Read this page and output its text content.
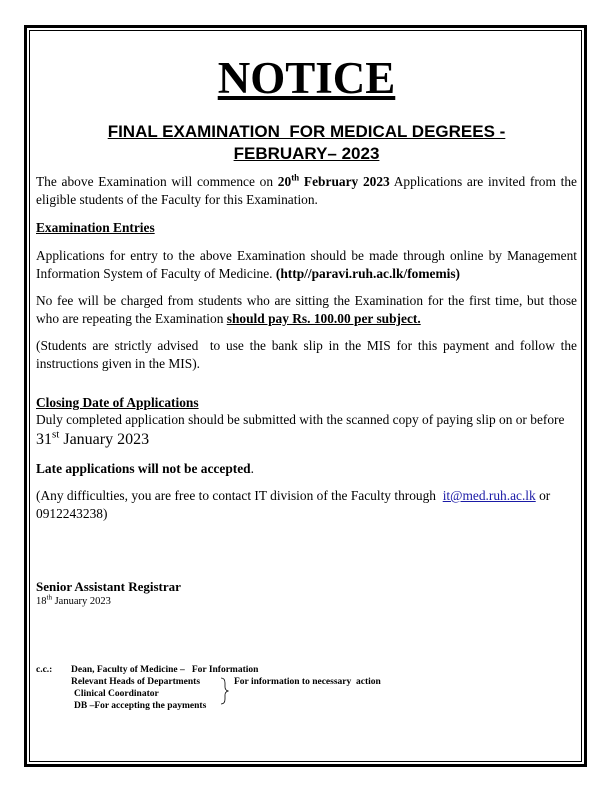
NOTICE
FINAL EXAMINATION  FOR MEDICAL DEGREES -
FEBRUARY– 2023

The above Examination will commence on 20th February 2023 Applications are invited from the eligible students of the Faculty for this Examination.

Examination Entries

Applications for entry to the above Examination should be made through online by Management Information System of Faculty of Medicine. (http//paravi.ruh.ac.lk/fomemis)

No fee will be charged from students who are sitting the Examination for the first time, but those who are repeating the Examination should pay Rs. 100.00 per subject.

(Students are strictly advised  to use the bank slip in the MIS for this payment and follow the instructions given in the MIS).

Closing Date of Applications

Duly completed application should be submitted with the scanned copy of paying slip on or before

31st January 2023

Late applications will not be accepted.

(Any difficulties, you are free to contact IT division of the Faculty through  it@med.ruh.ac.lk or
0912243238)

Senior Assistant Registrar
18th January 2023
c.c.: Dean, Faculty of Medicine –   For Information
Relevant Heads of Departments	For information to necessary  action
Clinical Coordinator
DB –For accepting the payments
